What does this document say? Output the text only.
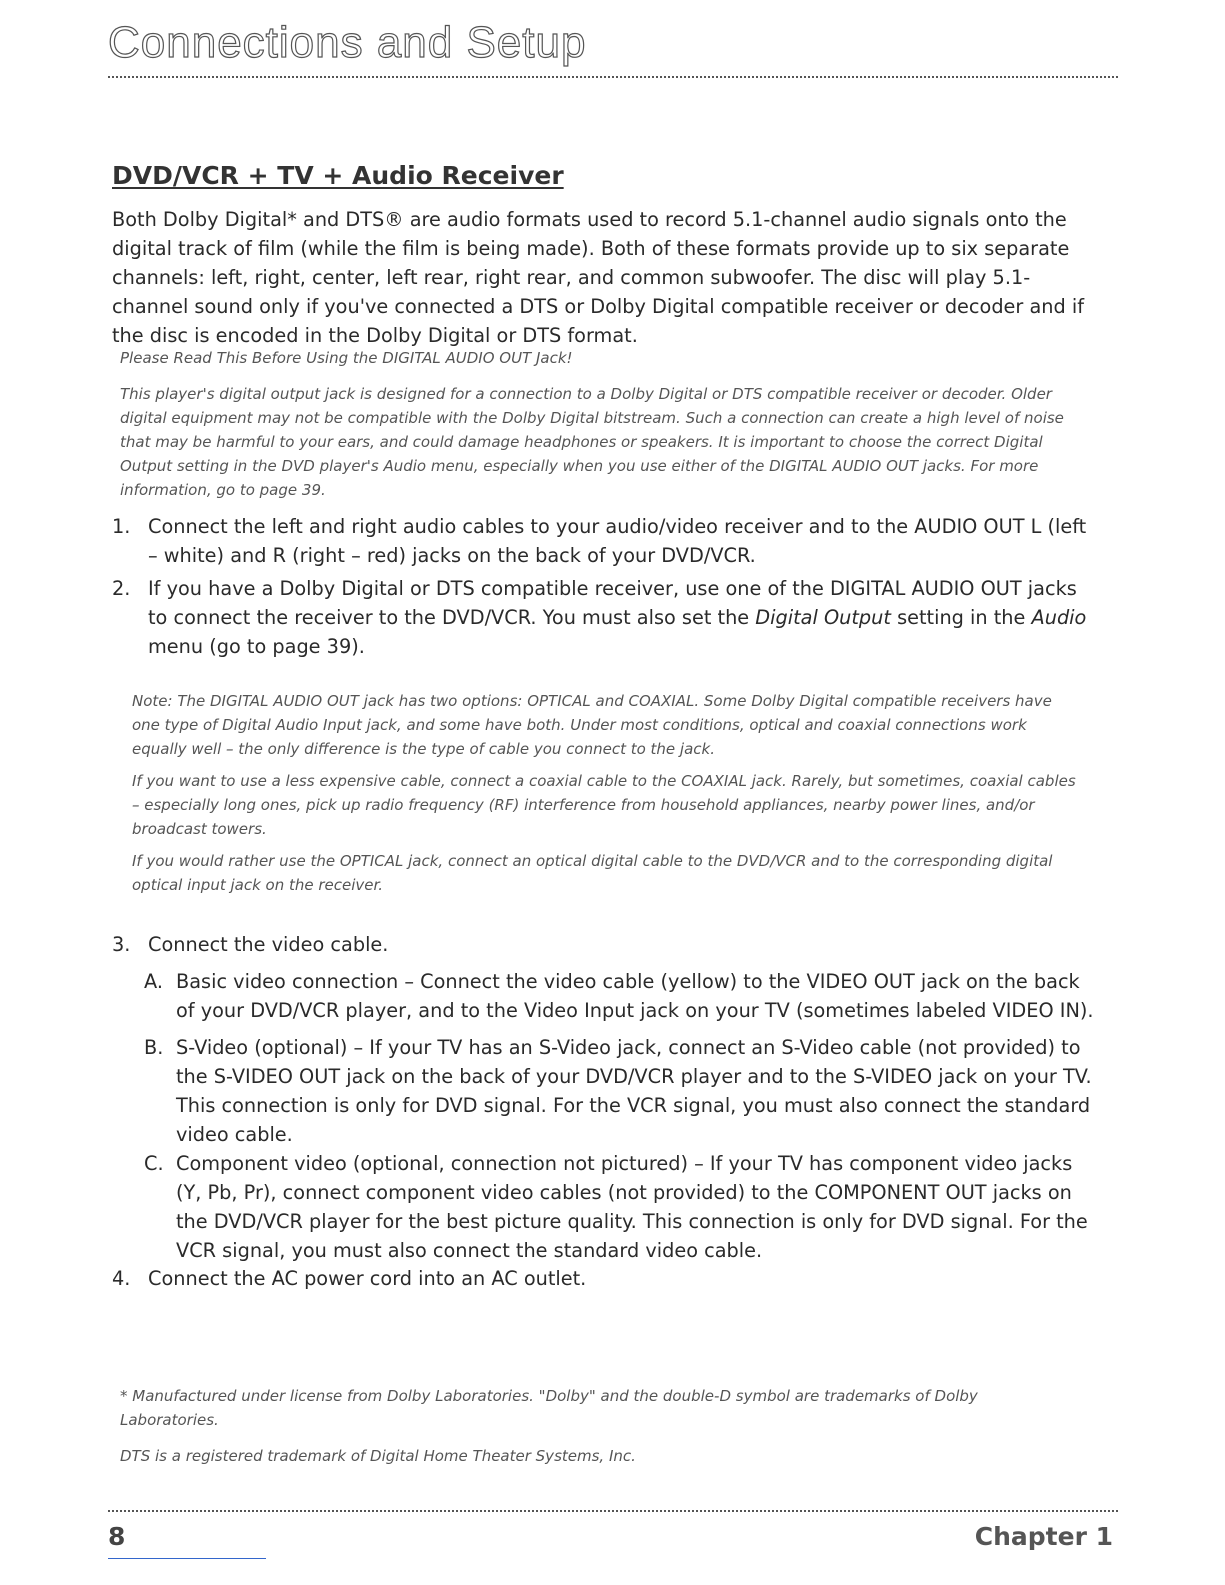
Connections and Setup
DVD/VCR + TV + Audio Receiver
Both Dolby Digital* and DTS® are audio formats used to record 5.1-channel audio signals onto the digital track of film (while the film is being made). Both of these formats provide up to six separate channels: left, right, center, left rear, right rear, and common subwoofer. The disc will play 5.1-channel sound only if you've connected a DTS or Dolby Digital compatible receiver or decoder and if the disc is encoded in the Dolby Digital or DTS format.
Please Read This Before Using the DIGITAL AUDIO OUT Jack!
This player's digital output jack is designed for a connection to a Dolby Digital or DTS compatible receiver or decoder. Older digital equipment may not be compatible with the Dolby Digital bitstream. Such a connection can create a high level of noise that may be harmful to your ears, and could damage headphones or speakers. It is important to choose the correct Digital Output setting in the DVD player's Audio menu, especially when you use either of the DIGITAL AUDIO OUT jacks. For more information, go to page 39.
1. Connect the left and right audio cables to your audio/video receiver and to the AUDIO OUT L (left – white) and R (right – red) jacks on the back of your DVD/VCR.
2. If you have a Dolby Digital or DTS compatible receiver, use one of the DIGITAL AUDIO OUT jacks to connect the receiver to the DVD/VCR. You must also set the Digital Output setting in the Audio menu (go to page 39).
Note: The DIGITAL AUDIO OUT jack has two options: OPTICAL and COAXIAL. Some Dolby Digital compatible receivers have one type of Digital Audio Input jack, and some have both. Under most conditions, optical and coaxial connections work equally well – the only difference is the type of cable you connect to the jack.
If you want to use a less expensive cable, connect a coaxial cable to the COAXIAL jack. Rarely, but sometimes, coaxial cables – especially long ones, pick up radio frequency (RF) interference from household appliances, nearby power lines, and/or broadcast towers.
If you would rather use the OPTICAL jack, connect an optical digital cable to the DVD/VCR and to the corresponding digital optical input jack on the receiver.
3. Connect the video cable.
A. Basic video connection – Connect the video cable (yellow) to the VIDEO OUT jack on the back of your DVD/VCR player, and to the Video Input jack on your TV (sometimes labeled VIDEO IN).
B. S-Video (optional) – If your TV has an S-Video jack, connect an S-Video cable (not provided) to the S-VIDEO OUT jack on the back of your DVD/VCR player and to the S-VIDEO jack on your TV. This connection is only for DVD signal. For the VCR signal, you must also connect the standard video cable.
C. Component video (optional, connection not pictured) – If your TV has component video jacks (Y, Pb, Pr), connect component video cables (not provided) to the COMPONENT OUT jacks on the DVD/VCR player for the best picture quality. This connection is only for DVD signal. For the VCR signal, you must also connect the standard video cable.
4. Connect the AC power cord into an AC outlet.
* Manufactured under license from Dolby Laboratories. "Dolby" and the double-D symbol are trademarks of Dolby Laboratories.
DTS is a registered trademark of Digital Home Theater Systems, Inc.
8	Chapter 1
